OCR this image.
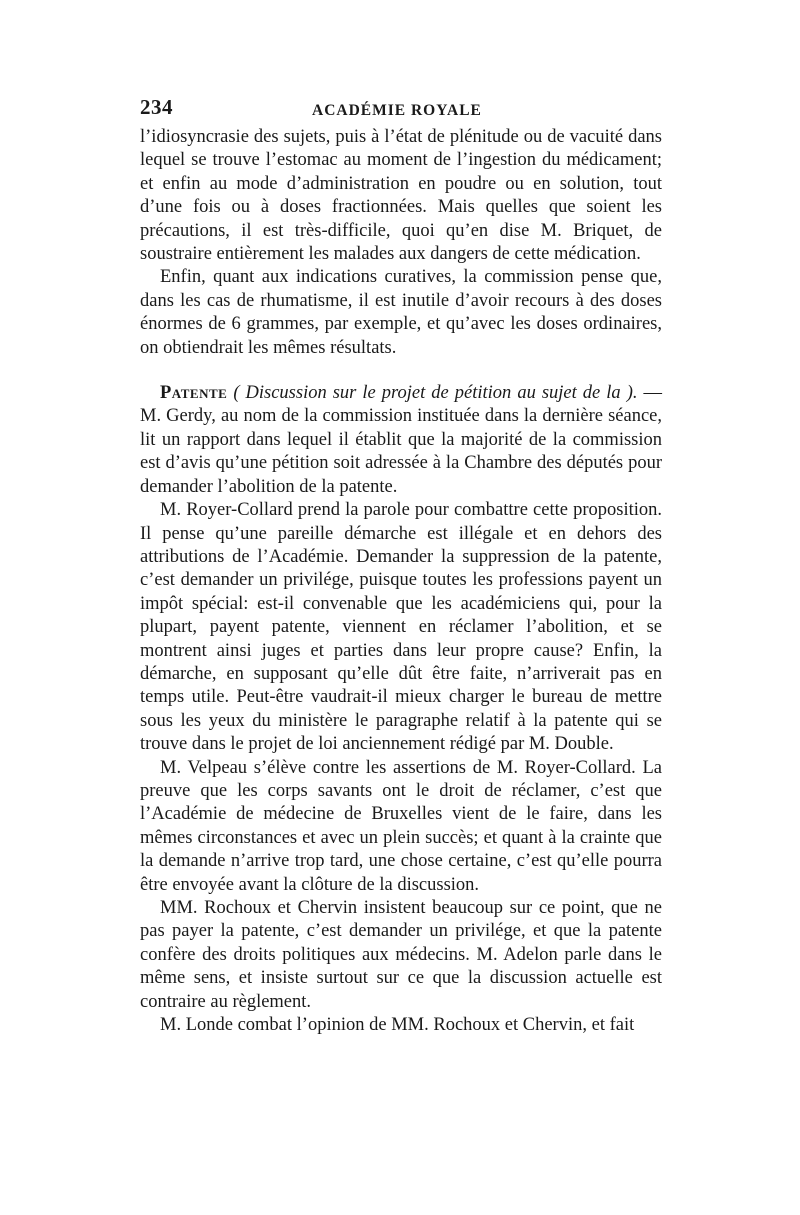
234	ACADÉMIE ROYALE

l’idiosyncrasie des sujets, puis à l’état de plénitude ou de vacuité dans lequel se trouve l’estomac au moment de l’ingestion du médicament; et enfin au mode d’administration en poudre ou en solution, tout d’une fois ou à doses fractionnées. Mais quelles que soient les précautions, il est très-difficile, quoi qu’en dise M. Briquet, de soustraire entièrement les malades aux dangers de cette médication.

Enfin, quant aux indications curatives, la commission pense que, dans les cas de rhumatisme, il est inutile d’avoir recours à des doses énormes de 6 grammes, par exemple, et qu’avec les doses ordinaires, on obtiendrait les mêmes résultats.

Patente ( Discussion sur le projet de pétition au sujet de la ). — M. Gerdy, au nom de la commission instituée dans la dernière séance, lit un rapport dans lequel il établit que la majorité de la commission est d’avis qu’une pétition soit adressée à la Chambre des députés pour demander l’abolition de la patente.

M. Royer-Collard prend la parole pour combattre cette proposition. Il pense qu’une pareille démarche est illégale et en dehors des attributions de l’Académie. Demander la suppression de la patente, c’est demander un privilége, puisque toutes les professions payent un impôt spécial: est-il convenable que les académiciens qui, pour la plupart, payent patente, viennent en réclamer l’abolition, et se montrent ainsi juges et parties dans leur propre cause? Enfin, la démarche, en supposant qu’elle dût être faite, n’arriverait pas en temps utile. Peut-être vaudrait-il mieux charger le bureau de mettre sous les yeux du ministère le paragraphe relatif à la patente qui se trouve dans le projet de loi anciennement rédigé par M. Double.

M. Velpeau s’élève contre les assertions de M. Royer-Collard. La preuve que les corps savants ont le droit de réclamer, c’est que l’Académie de médecine de Bruxelles vient de le faire, dans les mêmes circonstances et avec un plein succès; et quant à la crainte que la demande n’arrive trop tard, une chose certaine, c’est qu’elle pourra être envoyée avant la clôture de la discussion.

MM. Rochoux et Chervin insistent beaucoup sur ce point, que ne pas payer la patente, c’est demander un privilége, et que la patente confère des droits politiques aux médecins. M. Adelon parle dans le même sens, et insiste surtout sur ce que la discussion actuelle est contraire au règlement.

M. Londe combat l’opinion de MM. Rochoux et Chervin, et fait
